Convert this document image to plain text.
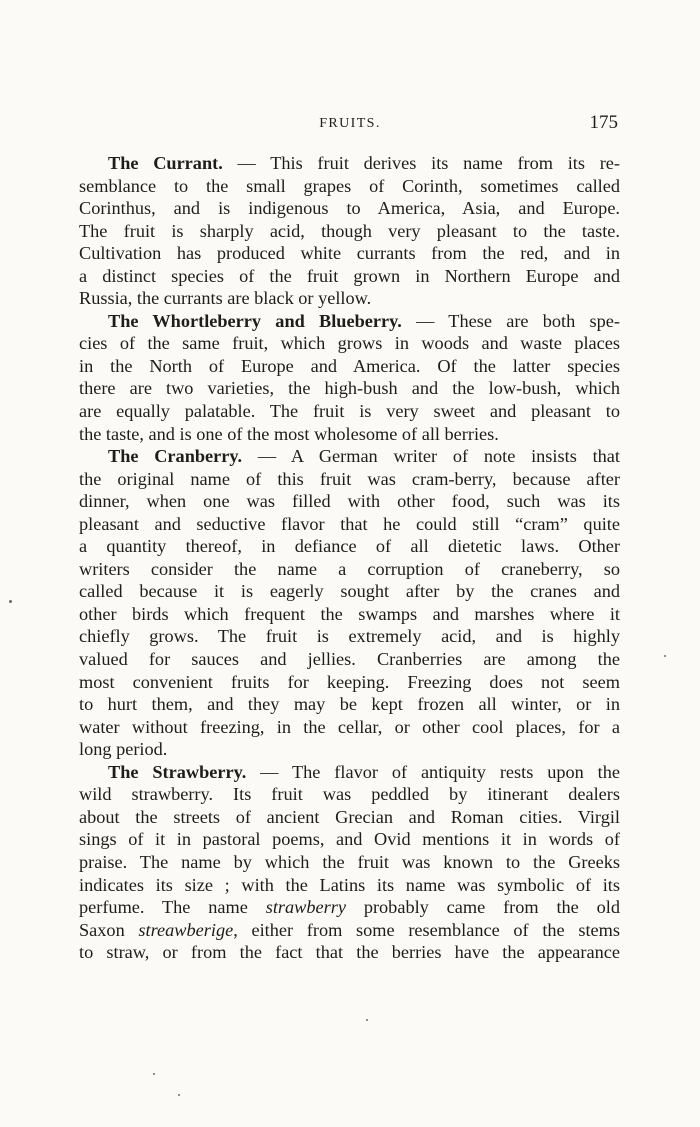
FRUITS.	175
The Currant. — This fruit derives its name from its re-
semblance to the small grapes of Corinth, sometimes called
Corinthus, and is indigenous to America, Asia, and Europe.
The fruit is sharply acid, though very pleasant to the taste.
Cultivation has produced white currants from the red, and in
a distinct species of the fruit grown in Northern Europe and
Russia, the currants are black or yellow.
The Whortleberry and Blueberry. — These are both spe-
cies of the same fruit, which grows in woods and waste places
in the North of Europe and America. Of the latter species
there are two varieties, the high-bush and the low-bush, which
are equally palatable. The fruit is very sweet and pleasant to
the taste, and is one of the most wholesome of all berries.
The Cranberry. — A German writer of note insists that
the original name of this fruit was cram-berry, because after
dinner, when one was filled with other food, such was its
pleasant and seductive flavor that he could still “cram” quite
a quantity thereof, in defiance of all dietetic laws. Other
writers consider the name a corruption of craneberry, so
called because it is eagerly sought after by the cranes and
other birds which frequent the swamps and marshes where it
chiefly grows. The fruit is extremely acid, and is highly
valued for sauces and jellies. Cranberries are among the
most convenient fruits for keeping. Freezing does not seem
to hurt them, and they may be kept frozen all winter, or in
water without freezing, in the cellar, or other cool places, for a
long period.
The Strawberry. — The flavor of antiquity rests upon the
wild strawberry. Its fruit was peddled by itinerant dealers
about the streets of ancient Grecian and Roman cities. Virgil
sings of it in pastoral poems, and Ovid mentions it in words of
praise. The name by which the fruit was known to the Greeks
indicates its size ; with the Latins its name was symbolic of its
perfume. The name strawberry probably came from the old
Saxon streawberige, either from some resemblance of the stems
to straw, or from the fact that the berries have the appearance
